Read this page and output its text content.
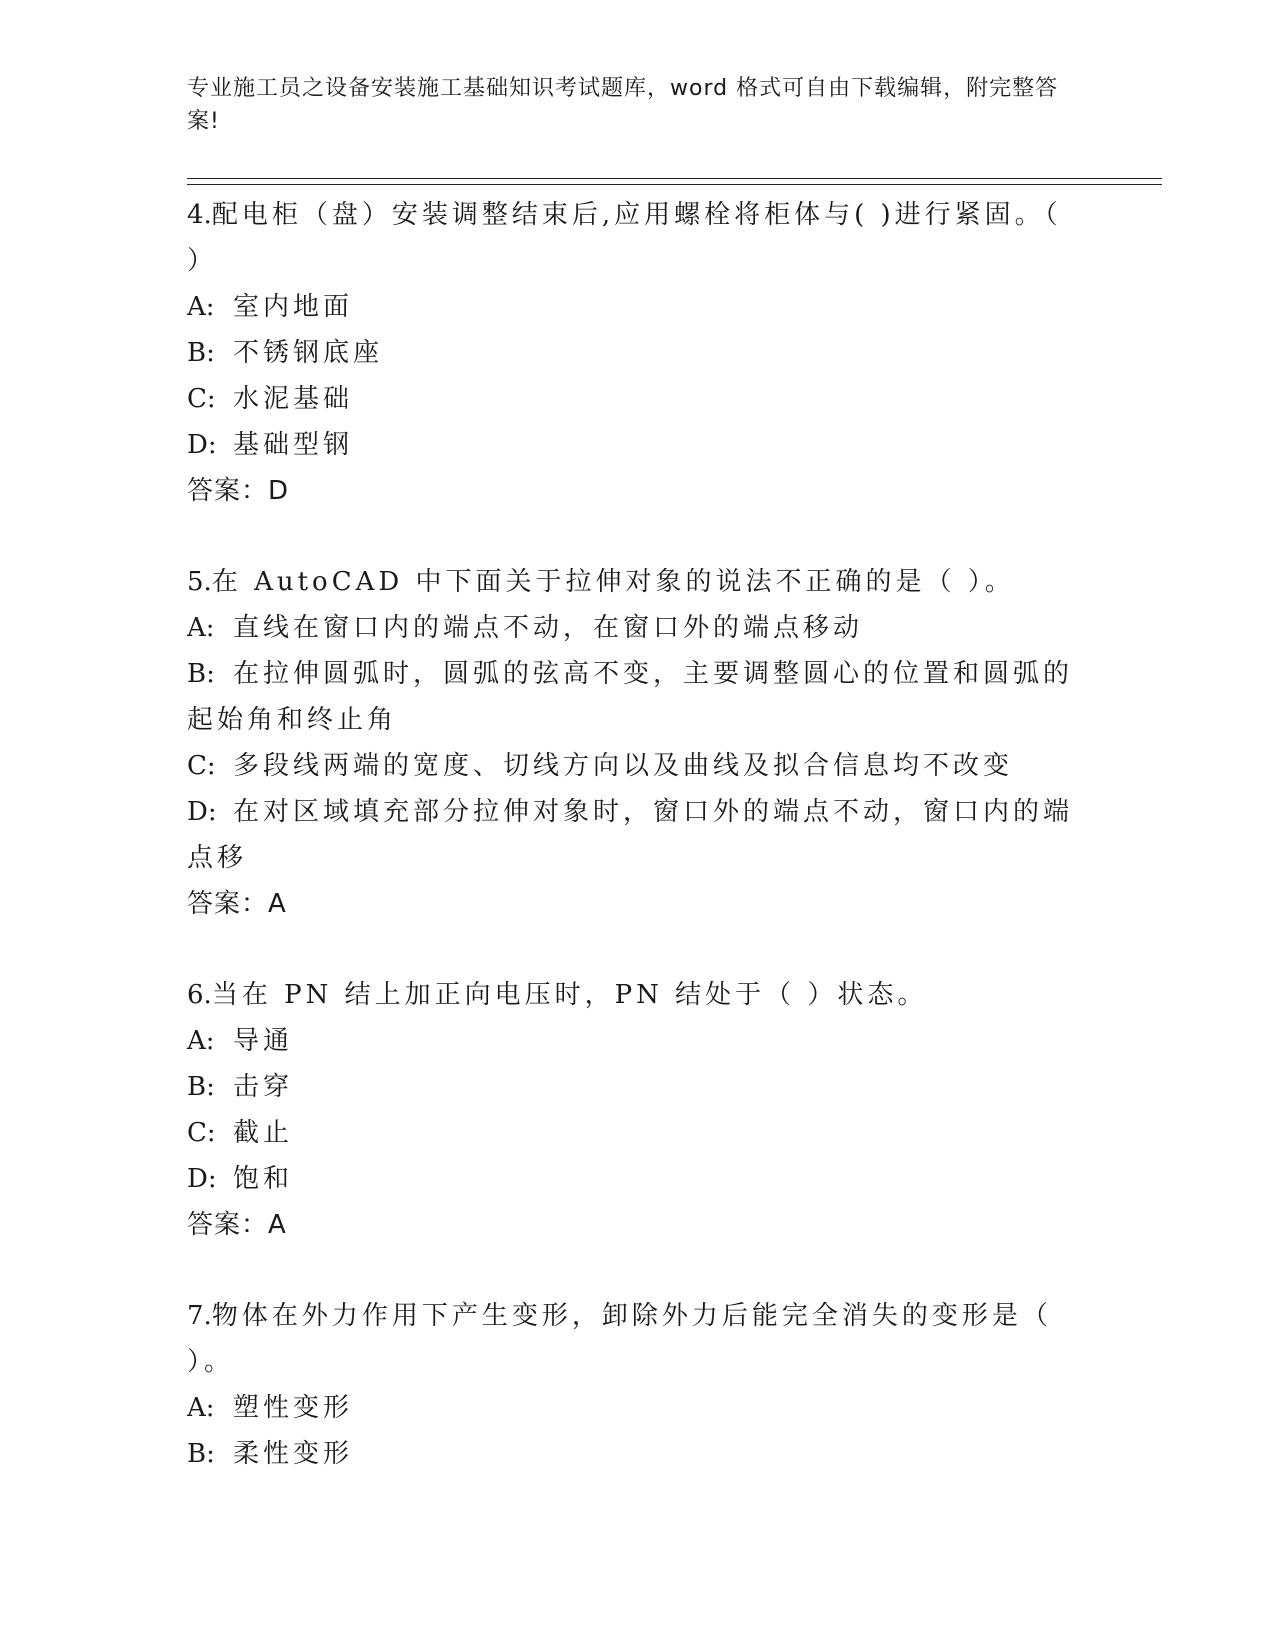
专业施工员之设备安装施工基础知识考试题库，word 格式可自由下载编辑，附完整答案!

4.配电柜（盘）安装调整结束后,应用螺栓将柜体与( )进行紧固。（ ）

A: 室内地面

B: 不锈钢底座

C: 水泥基础

D: 基础型钢

答案：D

5.在 AutoCAD 中下面关于拉伸对象的说法不正确的是（ ）。

A: 直线在窗口内的端点不动，在窗口外的端点移动

B: 在拉伸圆弧时，圆弧的弦高不变，主要调整圆心的位置和圆弧的起始角和终止角

C: 多段线两端的宽度、切线方向以及曲线及拟合信息均不改变

D: 在对区域填充部分拉伸对象时，窗口外的端点不动，窗口内的端点移

答案：A

6.当在 PN 结上加正向电压时，PN 结处于（ ）状态。

A: 导通

B: 击穿

C: 截止

D: 饱和

答案：A

7.物体在外力作用下产生变形，卸除外力后能完全消失的变形是（ ）。

A: 塑性变形

B: 柔性变形
